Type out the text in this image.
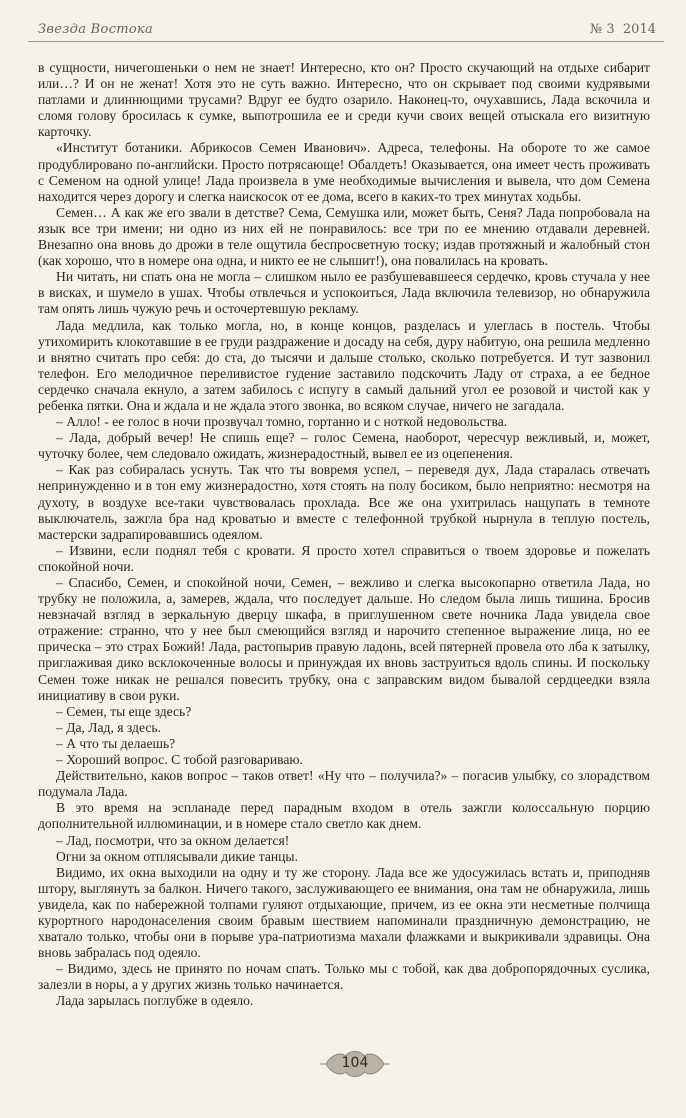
Звезда Востока	№ 3 2014

в сущности, ничегошеньки о нем не знает! Интересно, кто он? Просто скучающий на отдыхе сибарит или…? И он не женат! Хотя это не суть важно. Интересно, что он скрывает под своими кудрявыми патлами и длиннющими трусами? Вдруг ее будто озарило. Наконец-то, очухавшись, Лада вскочила и сломя голову бросилась к сумке, выпотрошила ее и среди кучи своих вещей отыскала его визитную карточку.

«Институт ботаники. Абрикосов Семен Иванович». Адреса, телефоны. На обороте то же самое продублировано по-английски. Просто потрясающе! Обалдеть! Оказывается, она имеет честь проживать с Семеном на одной улице! Лада произвела в уме необходимые вычисления и вывела, что дом Семена находится через дорогу и слегка наискосок от ее дома, всего в каких-то трех минутах ходьбы.

Семен… А как же его звали в детстве? Сема, Семушка или, может быть, Сеня? Лада попробовала на язык все три имени; ни одно из них ей не понравилось: все три по ее мнению отдавали деревней. Внезапно она вновь до дрожи в теле ощутила беспросветную тоску; издав протяжный и жалобный стон (как хорошо, что в номере она одна, и никто ее не слышит!), она повалилась на кровать.

Ни читать, ни спать она не могла – слишком ныло ее разбушевавшееся сердечко, кровь стучала у нее в висках, и шумело в ушах. Чтобы отвлечься и успокоиться, Лада включила телевизор, но обнаружила там опять лишь чужую речь и осточертевшую рекламу.

Лада медлила, как только могла, но, в конце концов, разделась и улеглась в постель. Чтобы утихомирить клокотавшие в ее груди раздражение и досаду на себя, дуру набитую, она решила медленно и внятно считать про себя: до ста, до тысячи и дальше столько, сколько потребуется. И тут зазвонил телефон. Его мелодичное переливистое гудение заставило подскочить Ладу от страха, а ее бедное сердечко сначала екнуло, а затем забилось с испугу в самый дальний угол ее розовой и чистой как у ребенка пятки. Она и ждала и не ждала этого звонка, во всяком случае, ничего не загадала.

– Алло! - ее голос в ночи прозвучал томно, гортанно и с ноткой недовольства.

– Лада, добрый вечер! Не спишь еще? – голос Семена, наоборот, чересчур вежливый, и, может, чуточку более, чем следовало ожидать, жизнерадостный, вывел ее из оцепенения.

– Как раз собиралась уснуть. Так что ты вовремя успел, – переведя дух, Лада старалась отвечать непринужденно и в тон ему жизнерадостно, хотя стоять на полу босиком, было неприятно: несмотря на духоту, в воздухе все-таки чувствовалась прохлада. Все же она ухитрилась нащупать в темноте выключатель, зажгла бра над кроватью и вместе с телефонной трубкой нырнула в теплую постель, мастерски задрапировавшись одеялом.

– Извини, если поднял тебя с кровати. Я просто хотел справиться о твоем здоровье и пожелать спокойной ночи.

– Спасибо, Семен, и спокойной ночи, Семен, – вежливо и слегка высокопарно ответила Лада, но трубку не положила, а, замерев, ждала, что последует дальше. Но следом была лишь тишина. Бросив невзначай взгляд в зеркальную дверцу шкафа, в приглушенном свете ночника Лада увидела свое отражение: странно, что у нее был смеющийся взгляд и нарочито степенное выражение лица, но ее прическа – это страх Божий! Лада, растопырив правую ладонь, всей пятерней провела ото лба к затылку, приглаживая дико всклокоченные волосы и принуждая их вновь заструиться вдоль спины. И поскольку Семен тоже никак не решался повесить трубку, она с заправским видом бывалой сердцеедки взяла инициативу в свои руки.

– Семен, ты еще здесь?

– Да, Лад, я здесь.

– А что ты делаешь?

– Хороший вопрос. С тобой разговариваю.

Действительно, каков вопрос – таков ответ! «Ну что – получила?» – погасив улыбку, со злорадством подумала Лада.

В это время на эспланаде перед парадным входом в отель зажгли колоссальную порцию дополнительной иллюминации, и в номере стало светло как днем.

– Лад, посмотри, что за окном делается!

Огни за окном отплясывали дикие танцы.

Видимо, их окна выходили на одну и ту же сторону. Лада все же удосужилась встать и, приподняв штору, выглянуть за балкон. Ничего такого, заслуживающего ее внимания, она там не обнаружила, лишь увидела, как по набережной толпами гуляют отдыхающие, причем, из ее окна эти несметные полчища курортного народонаселения своим бравым шествием напоминали праздничную демонстрацию, не хватало только, чтобы они в порыве ура-патриотизма махали флажками и выкрикивали здравицы. Она вновь забралась под одеяло.

– Видимо, здесь не принято по ночам спать. Только мы с тобой, как два добропорядочных суслика, залезли в норы, а у других жизнь только начинается.

Лада зарылась поглубже в одеяло.

104
